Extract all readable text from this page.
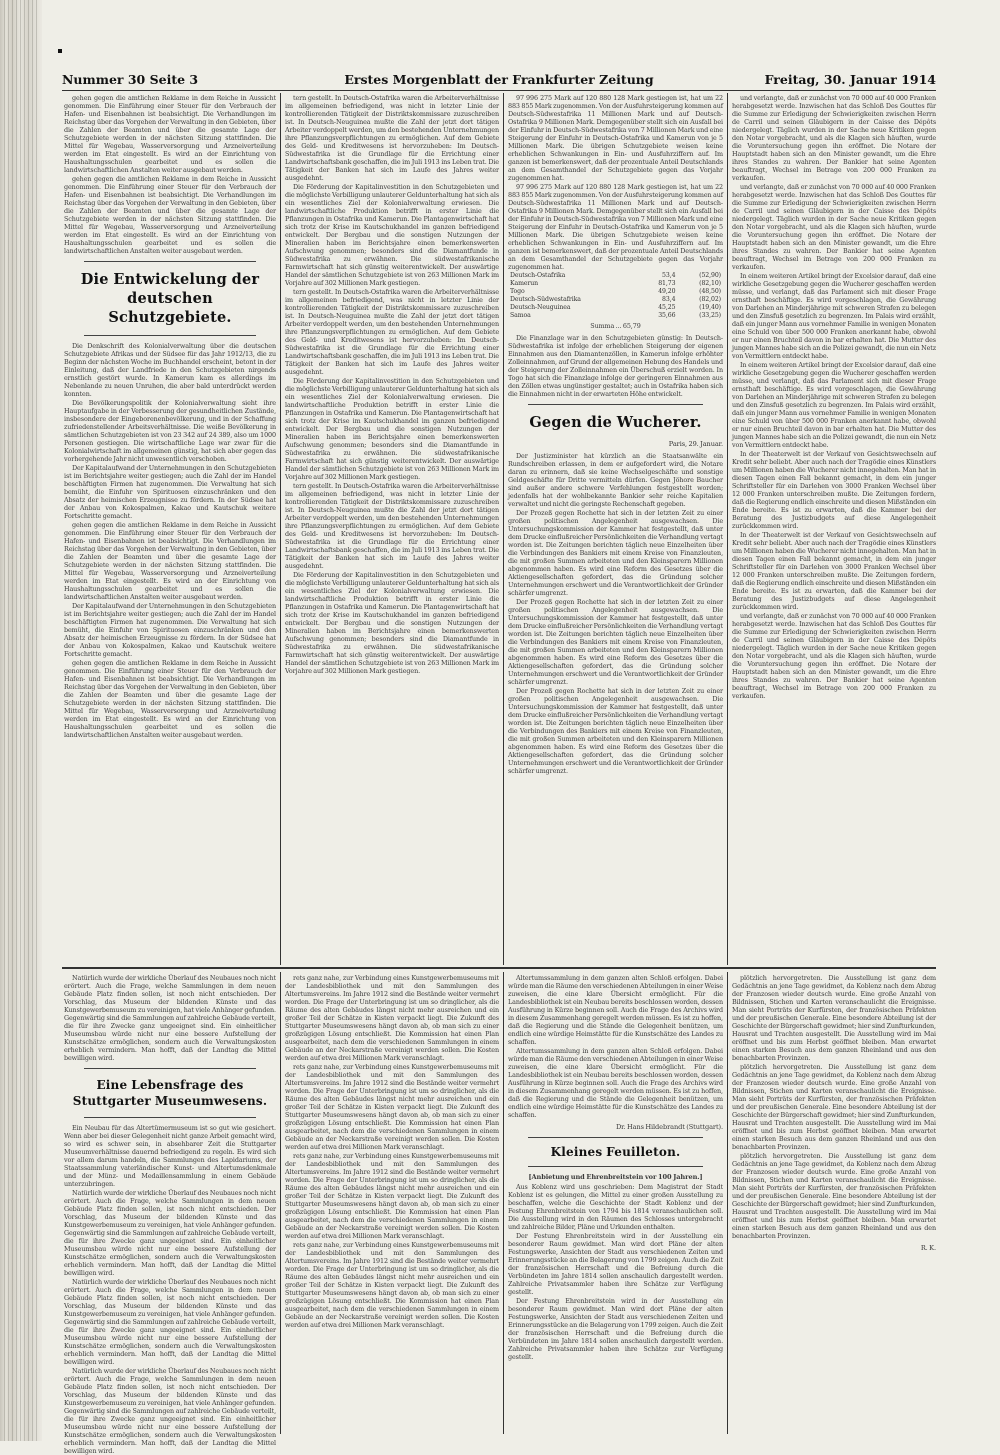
Nummer 30 Seite 3	Erstes Morgenblatt der Frankfurter Zeitung	Freitag, 30. Januar 1914

gehen gegen die amtlichen Reklame in dem Reiche in Aussicht genommen. Die Einführung einer Steuer für den Verbrauch der Hafen- und Eisenbahnen ist beabsichtigt. Die Verhandlungen im Reichstag über das Vorgehen der Verwaltung in den Gebieten, über die Zahlen der Beamten und über die gesamte Lage der Schutzgebiete werden in der nächsten Sitzung stattfinden. Die Mittel für Wegebau, Wasserversorgung und Arzneiverteilung werden im Etat eingestellt. Es wird an der Einrichtung von Haushaltungsschulen gearbeitet und es sollen die landwirtschaftlichen Anstalten weiter ausgebaut werden.

gehen gegen die amtlichen Reklame in dem Reiche in Aussicht genommen. Die Einführung einer Steuer für den Verbrauch der Hafen- und Eisenbahnen ist beabsichtigt. Die Verhandlungen im Reichstag über das Vorgehen der Verwaltung in den Gebieten, über die Zahlen der Beamten und über die gesamte Lage der Schutzgebiete werden in der nächsten Sitzung stattfinden. Die Mittel für Wegebau, Wasserversorgung und Arzneiverteilung werden im Etat eingestellt. Es wird an der Einrichtung von Haushaltungsschulen gearbeitet und es sollen die landwirtschaftlichen Anstalten weiter ausgebaut werden.

Die Entwickelung der deutschen Schutzgebiete.

Die Denkschrift des Kolonialverwaltung über die deutschen Schutzgebiete Afrikas und der Südsee für das Jahr 1912/13, die zu Beginn der nächsten Woche im Buchhandel erscheint, betont in der Einleitung, daß der Landfriede in den Schutzgebieten nirgends ernstlich gestört wurde. In Kamerun kam es allerdings im Nebenlande zu neuen Unruhen, die aber bald unterdrückt werden konnten.

Die Bevölkerungspolitik der Kolonialverwaltung sieht ihre Hauptaufgabe in der Verbesserung der gesundheitlichen Zustände, insbesondere der Eingeborenenbevölkerung, und in der Schaffung zufriedenstellender Arbeitsverhältnisse. Die weiße Bevölkerung in sämtlichen Schutzgebieten ist von 23 342 auf 24 389, also um 1000 Personen gestiegen. Die wirtschaftliche Lage war zwar für die Kolonialwirtschaft im allgemeinen günstig, hat sich aber gegen das vorhergehende Jahr nicht unwesentlich verschoben.

Der Kapitalaufwand der Unternehmungen in den Schutzgebieten ist im Berichtsjahre weiter gestiegen; auch die Zahl der im Handel beschäftigten Firmen hat zugenommen. Die Verwaltung hat sich bemüht, die Einfuhr von Spirituosen einzuschränken und den Absatz der heimischen Erzeugnisse zu fördern. In der Südsee hat der Anbau von Kokospalmen, Kakao und Kautschuk weitere Fortschritte gemacht.

gehen gegen die amtlichen Reklame in dem Reiche in Aussicht genommen. Die Einführung einer Steuer für den Verbrauch der Hafen- und Eisenbahnen ist beabsichtigt. Die Verhandlungen im Reichstag über das Vorgehen der Verwaltung in den Gebieten, über die Zahlen der Beamten und über die gesamte Lage der Schutzgebiete werden in der nächsten Sitzung stattfinden. Die Mittel für Wegebau, Wasserversorgung und Arzneiverteilung werden im Etat eingestellt. Es wird an der Einrichtung von Haushaltungsschulen gearbeitet und es sollen die landwirtschaftlichen Anstalten weiter ausgebaut werden.

Der Kapitalaufwand der Unternehmungen in den Schutzgebieten ist im Berichtsjahre weiter gestiegen; auch die Zahl der im Handel beschäftigten Firmen hat zugenommen. Die Verwaltung hat sich bemüht, die Einfuhr von Spirituosen einzuschränken und den Absatz der heimischen Erzeugnisse zu fördern. In der Südsee hat der Anbau von Kokospalmen, Kakao und Kautschuk weitere Fortschritte gemacht.

gehen gegen die amtlichen Reklame in dem Reiche in Aussicht genommen. Die Einführung einer Steuer für den Verbrauch der Hafen- und Eisenbahnen ist beabsichtigt. Die Verhandlungen im Reichstag über das Vorgehen der Verwaltung in den Gebieten, über die Zahlen der Beamten und über die gesamte Lage der Schutzgebiete werden in der nächsten Sitzung stattfinden. Die Mittel für Wegebau, Wasserversorgung und Arzneiverteilung werden im Etat eingestellt. Es wird an der Einrichtung von Haushaltungsschulen gearbeitet und es sollen die landwirtschaftlichen Anstalten weiter ausgebaut werden.

tern gestellt. In Deutsch-Ostafrika waren die Arbeiterverhältnisse im allgemeinen befriedigend, was nicht in letzter Linie der kontrollierenden Tätigkeit der Distriktskommissare zuzuschreiben ist. In Deutsch-Neuguinea mußte die Zahl der jetzt dort tätigen Arbeiter verdoppelt werden, um den bestehenden Unternehmungen ihre Pflanzungsverpflichtungen zu ermöglichen. Auf dem Gebiete des Geld- und Kreditwesens ist hervorzuheben: Im Deutsch-Südwestafrika ist die Grundlage für die Errichtung einer Landwirtschaftsbank geschaffen, die im Juli 1913 ins Leben trat. Die Tätigkeit der Banken hat sich im Laufe des Jahres weiter ausgedehnt.

Die Förderung der Kapitalinvestition in den Schutzgebieten und die möglichste Verbilligung unlauterer Geldunterhaltung hat sich als ein wesentliches Ziel der Kolonialverwaltung erwiesen. Die landwirtschaftliche Produktion betrifft in erster Linie die Pflanzungen in Ostafrika und Kamerun. Die Plantagenwirtschaft hat sich trotz der Krise im Kautschukhandel im ganzen befriedigend entwickelt. Der Bergbau und die sonstigen Nutzungen der Mineralien haben im Berichtsjahre einen bemerkenswerten Aufschwung genommen; besonders sind die Diamantfunde in Südwestafrika zu erwähnen. Die südwestafrikanische Farmwirtschaft hat sich günstig weiterentwickelt. Der auswärtige Handel der sämtlichen Schutzgebiete ist von 263 Millionen Mark im Vorjahre auf 302 Millionen Mark gestiegen.

tern gestellt. In Deutsch-Ostafrika waren die Arbeiterverhältnisse im allgemeinen befriedigend, was nicht in letzter Linie der kontrollierenden Tätigkeit der Distriktskommissare zuzuschreiben ist. In Deutsch-Neuguinea mußte die Zahl der jetzt dort tätigen Arbeiter verdoppelt werden, um den bestehenden Unternehmungen ihre Pflanzungsverpflichtungen zu ermöglichen. Auf dem Gebiete des Geld- und Kreditwesens ist hervorzuheben: Im Deutsch-Südwestafrika ist die Grundlage für die Errichtung einer Landwirtschaftsbank geschaffen, die im Juli 1913 ins Leben trat. Die Tätigkeit der Banken hat sich im Laufe des Jahres weiter ausgedehnt.

Die Förderung der Kapitalinvestition in den Schutzgebieten und die möglichste Verbilligung unlauterer Geldunterhaltung hat sich als ein wesentliches Ziel der Kolonialverwaltung erwiesen. Die landwirtschaftliche Produktion betrifft in erster Linie die Pflanzungen in Ostafrika und Kamerun. Die Plantagenwirtschaft hat sich trotz der Krise im Kautschukhandel im ganzen befriedigend entwickelt. Der Bergbau und die sonstigen Nutzungen der Mineralien haben im Berichtsjahre einen bemerkenswerten Aufschwung genommen; besonders sind die Diamantfunde in Südwestafrika zu erwähnen. Die südwestafrikanische Farmwirtschaft hat sich günstig weiterentwickelt. Der auswärtige Handel der sämtlichen Schutzgebiete ist von 263 Millionen Mark im Vorjahre auf 302 Millionen Mark gestiegen.

tern gestellt. In Deutsch-Ostafrika waren die Arbeiterverhältnisse im allgemeinen befriedigend, was nicht in letzter Linie der kontrollierenden Tätigkeit der Distriktskommissare zuzuschreiben ist. In Deutsch-Neuguinea mußte die Zahl der jetzt dort tätigen Arbeiter verdoppelt werden, um den bestehenden Unternehmungen ihre Pflanzungsverpflichtungen zu ermöglichen. Auf dem Gebiete des Geld- und Kreditwesens ist hervorzuheben: Im Deutsch-Südwestafrika ist die Grundlage für die Errichtung einer Landwirtschaftsbank geschaffen, die im Juli 1913 ins Leben trat. Die Tätigkeit der Banken hat sich im Laufe des Jahres weiter ausgedehnt.

Die Förderung der Kapitalinvestition in den Schutzgebieten und die möglichste Verbilligung unlauterer Geldunterhaltung hat sich als ein wesentliches Ziel der Kolonialverwaltung erwiesen. Die landwirtschaftliche Produktion betrifft in erster Linie die Pflanzungen in Ostafrika und Kamerun. Die Plantagenwirtschaft hat sich trotz der Krise im Kautschukhandel im ganzen befriedigend entwickelt. Der Bergbau und die sonstigen Nutzungen der Mineralien haben im Berichtsjahre einen bemerkenswerten Aufschwung genommen; besonders sind die Diamantfunde in Südwestafrika zu erwähnen. Die südwestafrikanische Farmwirtschaft hat sich günstig weiterentwickelt. Der auswärtige Handel der sämtlichen Schutzgebiete ist von 263 Millionen Mark im Vorjahre auf 302 Millionen Mark gestiegen.

97 996 275 Mark auf 120 880 128 Mark gestiegen ist, hat um 22 883 855 Mark zugenommen. Von der Ausfuhrsteigerung kommen auf Deutsch-Südwestafrika 11 Millionen Mark und auf Deutsch-Ostafrika 9 Millionen Mark. Demgegenüber stellt sich ein Ausfall bei der Einfuhr in Deutsch-Südwestafrika von 7 Millionen Mark und eine Steigerung der Einfuhr in Deutsch-Ostafrika und Kamerun von je 5 Millionen Mark. Die übrigen Schutzgebiete weisen keine erheblichen Schwankungen in Ein- und Ausfuhrziffern auf. Im ganzen ist bemerkenswert, daß der prozentuale Anteil Deutschlands an dem Gesamthandel der Schutzgebiete gegen das Vorjahr zugenommen hat.

97 996 275 Mark auf 120 880 128 Mark gestiegen ist, hat um 22 883 855 Mark zugenommen. Von der Ausfuhrsteigerung kommen auf Deutsch-Südwestafrika 11 Millionen Mark und auf Deutsch-Ostafrika 9 Millionen Mark. Demgegenüber stellt sich ein Ausfall bei der Einfuhr in Deutsch-Südwestafrika von 7 Millionen Mark und eine Steigerung der Einfuhr in Deutsch-Ostafrika und Kamerun von je 5 Millionen Mark. Die übrigen Schutzgebiete weisen keine erheblichen Schwankungen in Ein- und Ausfuhrziffern auf. Im ganzen ist bemerkenswert, daß der prozentuale Anteil Deutschlands an dem Gesamthandel der Schutzgebiete gegen das Vorjahr zugenommen hat.

Deutsch-Ostafrika	53,4	(52,90)
Kamerun	81,73	(82,10)
Togo	49,20	(48,50)
Deutsch-Südwestafrika	83,4	(82,02)
Deutsch-Neuguinea	45,25	(19,40)
Samoa	35,66	(33,25)
Summa ... 65,79

Die Finanzlage war in den Schutzgebieten günstig: In Deutsch-Südwestafrika ist infolge der erheblichen Steigerung der eigenen Einnahmen aus den Diamantenzöllen, in Kamerun infolge erhöhter Zolleinnahmen, auf Grund der allgemeinen Hebung des Handels und der Steigerung der Zolleinnahmen ein Überschuß erzielt worden. In Togo hat sich die Finanzlage infolge der geringeren Einnahmen aus den Zöllen etwas ungünstiger gestaltet; auch in Ostafrika haben sich die Einnahmen nicht in der erwarteten Höhe entwickelt.

Gegen die Wucherer.
Paris, 29. Januar.

Der Justizminister hat kürzlich an die Staatsanwälte ein Rundschreiben erlassen, in dem er aufgefordert wird, die Notare daran zu erinnern, daß sie keine Wechselgeschäfte und sonstige Geldgeschäfte für Dritte vermitteln dürfen. Gegen Jöhore Baucher sind außer andere schwere Verfehlungen festgestellt worden; jedenfalls hat der wohlbekannte Bankier sehr reiche Kapitalien verwaltet und nicht die geringste Rechenschaft gegeben.

Der Prozeß gegen Rochette hat sich in der letzten Zeit zu einer großen politischen Angelegenheit ausgewachsen. Die Untersuchungskommission der Kammer hat festgestellt, daß unter dem Drucke einflußreicher Persönlichkeiten die Verhandlung vertagt worden ist. Die Zeitungen berichten täglich neue Einzelheiten über die Verbindungen des Bankiers mit einem Kreise von Finanzleuten, die mit großen Summen arbeiteten und den Kleinsparern Millionen abgenommen haben. Es wird eine Reform des Gesetzes über die Aktiengesellschaften gefordert, das die Gründung solcher Unternehmungen erschwert und die Verantwortlichkeit der Gründer schärfer umgrenzt.

Der Prozeß gegen Rochette hat sich in der letzten Zeit zu einer großen politischen Angelegenheit ausgewachsen. Die Untersuchungskommission der Kammer hat festgestellt, daß unter dem Drucke einflußreicher Persönlichkeiten die Verhandlung vertagt worden ist. Die Zeitungen berichten täglich neue Einzelheiten über die Verbindungen des Bankiers mit einem Kreise von Finanzleuten, die mit großen Summen arbeiteten und den Kleinsparern Millionen abgenommen haben. Es wird eine Reform des Gesetzes über die Aktiengesellschaften gefordert, das die Gründung solcher Unternehmungen erschwert und die Verantwortlichkeit der Gründer schärfer umgrenzt.

Der Prozeß gegen Rochette hat sich in der letzten Zeit zu einer großen politischen Angelegenheit ausgewachsen. Die Untersuchungskommission der Kammer hat festgestellt, daß unter dem Drucke einflußreicher Persönlichkeiten die Verhandlung vertagt worden ist. Die Zeitungen berichten täglich neue Einzelheiten über die Verbindungen des Bankiers mit einem Kreise von Finanzleuten, die mit großen Summen arbeiteten und den Kleinsparern Millionen abgenommen haben. Es wird eine Reform des Gesetzes über die Aktiengesellschaften gefordert, das die Gründung solcher Unternehmungen erschwert und die Verantwortlichkeit der Gründer schärfer umgrenzt.

und verlangte, daß er zunächst von 70 000 auf 40 000 Franken herabgesetzt werde. Inzwischen hat das Schloß Des Gouttes für die Summe zur Erledigung der Schwierigkeiten zwischen Herrn de Carril und seinen Gläubigern in der Caisse des Dépôts niedergelegt. Täglich wurden in der Sache neue Kritiken gegen den Notar vorgebracht, und als die Klagen sich häuften, wurde die Voruntersuchung gegen ihn eröffnet. Die Notare der Hauptstadt haben sich an den Minister gewandt, um die Ehre ihres Standes zu wahren. Der Bankier hat seine Agenten beauftragt, Wechsel im Betrage von 200 000 Franken zu verkaufen.

und verlangte, daß er zunächst von 70 000 auf 40 000 Franken herabgesetzt werde. Inzwischen hat das Schloß Des Gouttes für die Summe zur Erledigung der Schwierigkeiten zwischen Herrn de Carril und seinen Gläubigern in der Caisse des Dépôts niedergelegt. Täglich wurden in der Sache neue Kritiken gegen den Notar vorgebracht, und als die Klagen sich häuften, wurde die Voruntersuchung gegen ihn eröffnet. Die Notare der Hauptstadt haben sich an den Minister gewandt, um die Ehre ihres Standes zu wahren. Der Bankier hat seine Agenten beauftragt, Wechsel im Betrage von 200 000 Franken zu verkaufen.

In einem weiteren Artikel bringt der Excelsior darauf, daß eine wirkliche Gesetzgebung gegen die Wucherer geschaffen werden müsse, und verlangt, daß das Parlament sich mit dieser Frage ernsthaft beschäftige. Es wird vorgeschlagen, die Gewährung von Darlehen an Minderjährige mit schweren Strafen zu belegen und den Zinsfuß gesetzlich zu begrenzen. Im Palais wird erzählt, daß ein junger Mann aus vornehmer Familie in wenigen Monaten eine Schuld von über 500 000 Franken anerkannt habe, obwohl er nur einen Bruchteil davon in bar erhalten hat. Die Mutter des jungen Mannes habe sich an die Polizei gewandt, die nun ein Netz von Vermittlern entdeckt habe.

In einem weiteren Artikel bringt der Excelsior darauf, daß eine wirkliche Gesetzgebung gegen die Wucherer geschaffen werden müsse, und verlangt, daß das Parlament sich mit dieser Frage ernsthaft beschäftige. Es wird vorgeschlagen, die Gewährung von Darlehen an Minderjährige mit schweren Strafen zu belegen und den Zinsfuß gesetzlich zu begrenzen. Im Palais wird erzählt, daß ein junger Mann aus vornehmer Familie in wenigen Monaten eine Schuld von über 500 000 Franken anerkannt habe, obwohl er nur einen Bruchteil davon in bar erhalten hat. Die Mutter des jungen Mannes habe sich an die Polizei gewandt, die nun ein Netz von Vermittlern entdeckt habe.

In der Theaterwelt ist der Verkauf von Gesichtswechseln auf Kredit sehr beliebt. Aber auch nach der Tragödie eines Künstlers um Millionen haben die Wucherer nicht innegehalten. Man hat in diesen Tagen einen Fall bekannt gemacht, in dem ein junger Schriftsteller für ein Darlehen von 3000 Franken Wechsel über 12 000 Franken unterschreiben mußte. Die Zeitungen fordern, daß die Regierung endlich einschreite und diesen Mißständen ein Ende bereite. Es ist zu erwarten, daß die Kammer bei der Beratung des Justizbudgets auf diese Angelegenheit zurückkommen wird.

In der Theaterwelt ist der Verkauf von Gesichtswechseln auf Kredit sehr beliebt. Aber auch nach der Tragödie eines Künstlers um Millionen haben die Wucherer nicht innegehalten. Man hat in diesen Tagen einen Fall bekannt gemacht, in dem ein junger Schriftsteller für ein Darlehen von 3000 Franken Wechsel über 12 000 Franken unterschreiben mußte. Die Zeitungen fordern, daß die Regierung endlich einschreite und diesen Mißständen ein Ende bereite. Es ist zu erwarten, daß die Kammer bei der Beratung des Justizbudgets auf diese Angelegenheit zurückkommen wird.

und verlangte, daß er zunächst von 70 000 auf 40 000 Franken herabgesetzt werde. Inzwischen hat das Schloß Des Gouttes für die Summe zur Erledigung der Schwierigkeiten zwischen Herrn de Carril und seinen Gläubigern in der Caisse des Dépôts niedergelegt. Täglich wurden in der Sache neue Kritiken gegen den Notar vorgebracht, und als die Klagen sich häuften, wurde die Voruntersuchung gegen ihn eröffnet. Die Notare der Hauptstadt haben sich an den Minister gewandt, um die Ehre ihres Standes zu wahren. Der Bankier hat seine Agenten beauftragt, Wechsel im Betrage von 200 000 Franken zu verkaufen.

Natürlich wurde der wirkliche Überlauf des Neubaues noch nicht erörtert. Auch die Frage, welche Sammlungen in dem neuen Gebäude Platz finden sollen, ist noch nicht entschieden. Der Vorschlag, das Museum der bildenden Künste und das Kunstgewerbemuseum zu vereinigen, hat viele Anhänger gefunden. Gegenwärtig sind die Sammlungen auf zahlreiche Gebäude verteilt, die für ihre Zwecke ganz ungeeignet sind. Ein einheitlicher Museumsbau würde nicht nur eine bessere Aufstellung der Kunstschätze ermöglichen, sondern auch die Verwaltungskosten erheblich vermindern. Man hofft, daß der Landtag die Mittel bewilligen wird.

Eine Lebensfrage des Stuttgarter Museumwesens.

Ein Neubau für das Altertümermuseum ist so gut wie gesichert. Wenn aber bei dieser Gelegenheit nicht ganze Arbeit gemacht wird, so wird es schwer sein, in absehbarer Zeit die Stuttgarter Museumverhältnisse dauernd befriedigend zu regeln. Es wird sich vor allem darum handeln, die Sammlungen des Lapidariums, der Staatssammlung vaterländischer Kunst- und Altertumsdenkmale und der Münz- und Medaillensammlung in einem Gebäude unterzubringen.

Natürlich wurde der wirkliche Überlauf des Neubaues noch nicht erörtert. Auch die Frage, welche Sammlungen in dem neuen Gebäude Platz finden sollen, ist noch nicht entschieden. Der Vorschlag, das Museum der bildenden Künste und das Kunstgewerbemuseum zu vereinigen, hat viele Anhänger gefunden. Gegenwärtig sind die Sammlungen auf zahlreiche Gebäude verteilt, die für ihre Zwecke ganz ungeeignet sind. Ein einheitlicher Museumsbau würde nicht nur eine bessere Aufstellung der Kunstschätze ermöglichen, sondern auch die Verwaltungskosten erheblich vermindern. Man hofft, daß der Landtag die Mittel bewilligen wird.

Natürlich wurde der wirkliche Überlauf des Neubaues noch nicht erörtert. Auch die Frage, welche Sammlungen in dem neuen Gebäude Platz finden sollen, ist noch nicht entschieden. Der Vorschlag, das Museum der bildenden Künste und das Kunstgewerbemuseum zu vereinigen, hat viele Anhänger gefunden. Gegenwärtig sind die Sammlungen auf zahlreiche Gebäude verteilt, die für ihre Zwecke ganz ungeeignet sind. Ein einheitlicher Museumsbau würde nicht nur eine bessere Aufstellung der Kunstschätze ermöglichen, sondern auch die Verwaltungskosten erheblich vermindern. Man hofft, daß der Landtag die Mittel bewilligen wird.

Natürlich wurde der wirkliche Überlauf des Neubaues noch nicht erörtert. Auch die Frage, welche Sammlungen in dem neuen Gebäude Platz finden sollen, ist noch nicht entschieden. Der Vorschlag, das Museum der bildenden Künste und das Kunstgewerbemuseum zu vereinigen, hat viele Anhänger gefunden. Gegenwärtig sind die Sammlungen auf zahlreiche Gebäude verteilt, die für ihre Zwecke ganz ungeeignet sind. Ein einheitlicher Museumsbau würde nicht nur eine bessere Aufstellung der Kunstschätze ermöglichen, sondern auch die Verwaltungskosten erheblich vermindern. Man hofft, daß der Landtag die Mittel bewilligen wird.

rets ganz nahe, zur Verbindung eines Kunstgewerbemuseums mit der Landesbibliothek und mit den Sammlungen des Altertumsvereins. Im Jahre 1912 sind die Bestände weiter vermehrt worden. Die Frage der Unterbringung ist um so dringlicher, als die Räume des alten Gebäudes längst nicht mehr ausreichen und ein großer Teil der Schätze in Kisten verpackt liegt. Die Zukunft des Stuttgarter Museumswesens hängt davon ab, ob man sich zu einer großzügigen Lösung entschließt. Die Kommission hat einen Plan ausgearbeitet, nach dem die verschiedenen Sammlungen in einem Gebäude an der Neckarstraße vereinigt werden sollen. Die Kosten werden auf etwa drei Millionen Mark veranschlagt.

rets ganz nahe, zur Verbindung eines Kunstgewerbemuseums mit der Landesbibliothek und mit den Sammlungen des Altertumsvereins. Im Jahre 1912 sind die Bestände weiter vermehrt worden. Die Frage der Unterbringung ist um so dringlicher, als die Räume des alten Gebäudes längst nicht mehr ausreichen und ein großer Teil der Schätze in Kisten verpackt liegt. Die Zukunft des Stuttgarter Museumswesens hängt davon ab, ob man sich zu einer großzügigen Lösung entschließt. Die Kommission hat einen Plan ausgearbeitet, nach dem die verschiedenen Sammlungen in einem Gebäude an der Neckarstraße vereinigt werden sollen. Die Kosten werden auf etwa drei Millionen Mark veranschlagt.

rets ganz nahe, zur Verbindung eines Kunstgewerbemuseums mit der Landesbibliothek und mit den Sammlungen des Altertumsvereins. Im Jahre 1912 sind die Bestände weiter vermehrt worden. Die Frage der Unterbringung ist um so dringlicher, als die Räume des alten Gebäudes längst nicht mehr ausreichen und ein großer Teil der Schätze in Kisten verpackt liegt. Die Zukunft des Stuttgarter Museumswesens hängt davon ab, ob man sich zu einer großzügigen Lösung entschließt. Die Kommission hat einen Plan ausgearbeitet, nach dem die verschiedenen Sammlungen in einem Gebäude an der Neckarstraße vereinigt werden sollen. Die Kosten werden auf etwa drei Millionen Mark veranschlagt.

rets ganz nahe, zur Verbindung eines Kunstgewerbemuseums mit der Landesbibliothek und mit den Sammlungen des Altertumsvereins. Im Jahre 1912 sind die Bestände weiter vermehrt worden. Die Frage der Unterbringung ist um so dringlicher, als die Räume des alten Gebäudes längst nicht mehr ausreichen und ein großer Teil der Schätze in Kisten verpackt liegt. Die Zukunft des Stuttgarter Museumswesens hängt davon ab, ob man sich zu einer großzügigen Lösung entschließt. Die Kommission hat einen Plan ausgearbeitet, nach dem die verschiedenen Sammlungen in einem Gebäude an der Neckarstraße vereinigt werden sollen. Die Kosten werden auf etwa drei Millionen Mark veranschlagt.

Altertumssammlung in dem ganzen alten Schloß erfolgen. Dabei würde man die Räume den verschiedenen Abteilungen in einer Weise zuweisen, die eine klare Übersicht ermöglicht. Für die Landesbibliothek ist ein Neubau bereits beschlossen worden, dessen Ausführung in Kürze beginnen soll. Auch die Frage des Archivs wird in diesem Zusammenhang geregelt werden müssen. Es ist zu hoffen, daß die Regierung und die Stände die Gelegenheit benützen, um endlich eine würdige Heimstätte für die Kunstschätze des Landes zu schaffen.

Altertumssammlung in dem ganzen alten Schloß erfolgen. Dabei würde man die Räume den verschiedenen Abteilungen in einer Weise zuweisen, die eine klare Übersicht ermöglicht. Für die Landesbibliothek ist ein Neubau bereits beschlossen worden, dessen Ausführung in Kürze beginnen soll. Auch die Frage des Archivs wird in diesem Zusammenhang geregelt werden müssen. Es ist zu hoffen, daß die Regierung und die Stände die Gelegenheit benützen, um endlich eine würdige Heimstätte für die Kunstschätze des Landes zu schaffen.

Dr. Hans Hildebrandt (Stuttgart).
Kleines Feuilleton.
[Anbietung und Ehrenbreitstein vor 100 Jahren.]

Aus Koblenz wird uns geschrieben: Dem Magistrat der Stadt Koblenz ist es gelungen, die Mittel zu einer großen Ausstellung zu beschaffen, welche die Geschichte der Stadt Koblenz und der Festung Ehrenbreitstein von 1794 bis 1814 veranschaulichen soll. Die Ausstellung wird in den Räumen des Schlosses untergebracht und zahlreiche Bilder, Pläne und Urkunden enthalten.

Der Festung Ehrenbreitstein wird in der Ausstellung ein besonderer Raum gewidmet. Man wird dort Pläne der alten Festungswerke, Ansichten der Stadt aus verschiedenen Zeiten und Erinnerungsstücke an die Belagerung von 1799 zeigen. Auch die Zeit der französischen Herrschaft und die Befreiung durch die Verbündeten im Jahre 1814 sollen anschaulich dargestellt werden. Zahlreiche Privatsammler haben ihre Schätze zur Verfügung gestellt.

Der Festung Ehrenbreitstein wird in der Ausstellung ein besonderer Raum gewidmet. Man wird dort Pläne der alten Festungswerke, Ansichten der Stadt aus verschiedenen Zeiten und Erinnerungsstücke an die Belagerung von 1799 zeigen. Auch die Zeit der französischen Herrschaft und die Befreiung durch die Verbündeten im Jahre 1814 sollen anschaulich dargestellt werden. Zahlreiche Privatsammler haben ihre Schätze zur Verfügung gestellt.

plötzlich hervorgetreten. Die Ausstellung ist ganz dem Gedächtnis an jene Tage gewidmet, da Koblenz nach dem Abzug der Franzosen wieder deutsch wurde. Eine große Anzahl von Bildnissen, Stichen und Karten veranschaulicht die Ereignisse. Man sieht Porträts der Kurfürsten, der französischen Präfekten und der preußischen Generale. Eine besondere Abteilung ist der Geschichte der Bürgerschaft gewidmet; hier sind Zunfturkunden, Hausrat und Trachten ausgestellt. Die Ausstellung wird im Mai eröffnet und bis zum Herbst geöffnet bleiben. Man erwartet einen starken Besuch aus dem ganzen Rheinland und aus den benachbarten Provinzen.

plötzlich hervorgetreten. Die Ausstellung ist ganz dem Gedächtnis an jene Tage gewidmet, da Koblenz nach dem Abzug der Franzosen wieder deutsch wurde. Eine große Anzahl von Bildnissen, Stichen und Karten veranschaulicht die Ereignisse. Man sieht Porträts der Kurfürsten, der französischen Präfekten und der preußischen Generale. Eine besondere Abteilung ist der Geschichte der Bürgerschaft gewidmet; hier sind Zunfturkunden, Hausrat und Trachten ausgestellt. Die Ausstellung wird im Mai eröffnet und bis zum Herbst geöffnet bleiben. Man erwartet einen starken Besuch aus dem ganzen Rheinland und aus den benachbarten Provinzen.

plötzlich hervorgetreten. Die Ausstellung ist ganz dem Gedächtnis an jene Tage gewidmet, da Koblenz nach dem Abzug der Franzosen wieder deutsch wurde. Eine große Anzahl von Bildnissen, Stichen und Karten veranschaulicht die Ereignisse. Man sieht Porträts der Kurfürsten, der französischen Präfekten und der preußischen Generale. Eine besondere Abteilung ist der Geschichte der Bürgerschaft gewidmet; hier sind Zunfturkunden, Hausrat und Trachten ausgestellt. Die Ausstellung wird im Mai eröffnet und bis zum Herbst geöffnet bleiben. Man erwartet einen starken Besuch aus dem ganzen Rheinland und aus den benachbarten Provinzen.

R. K.
